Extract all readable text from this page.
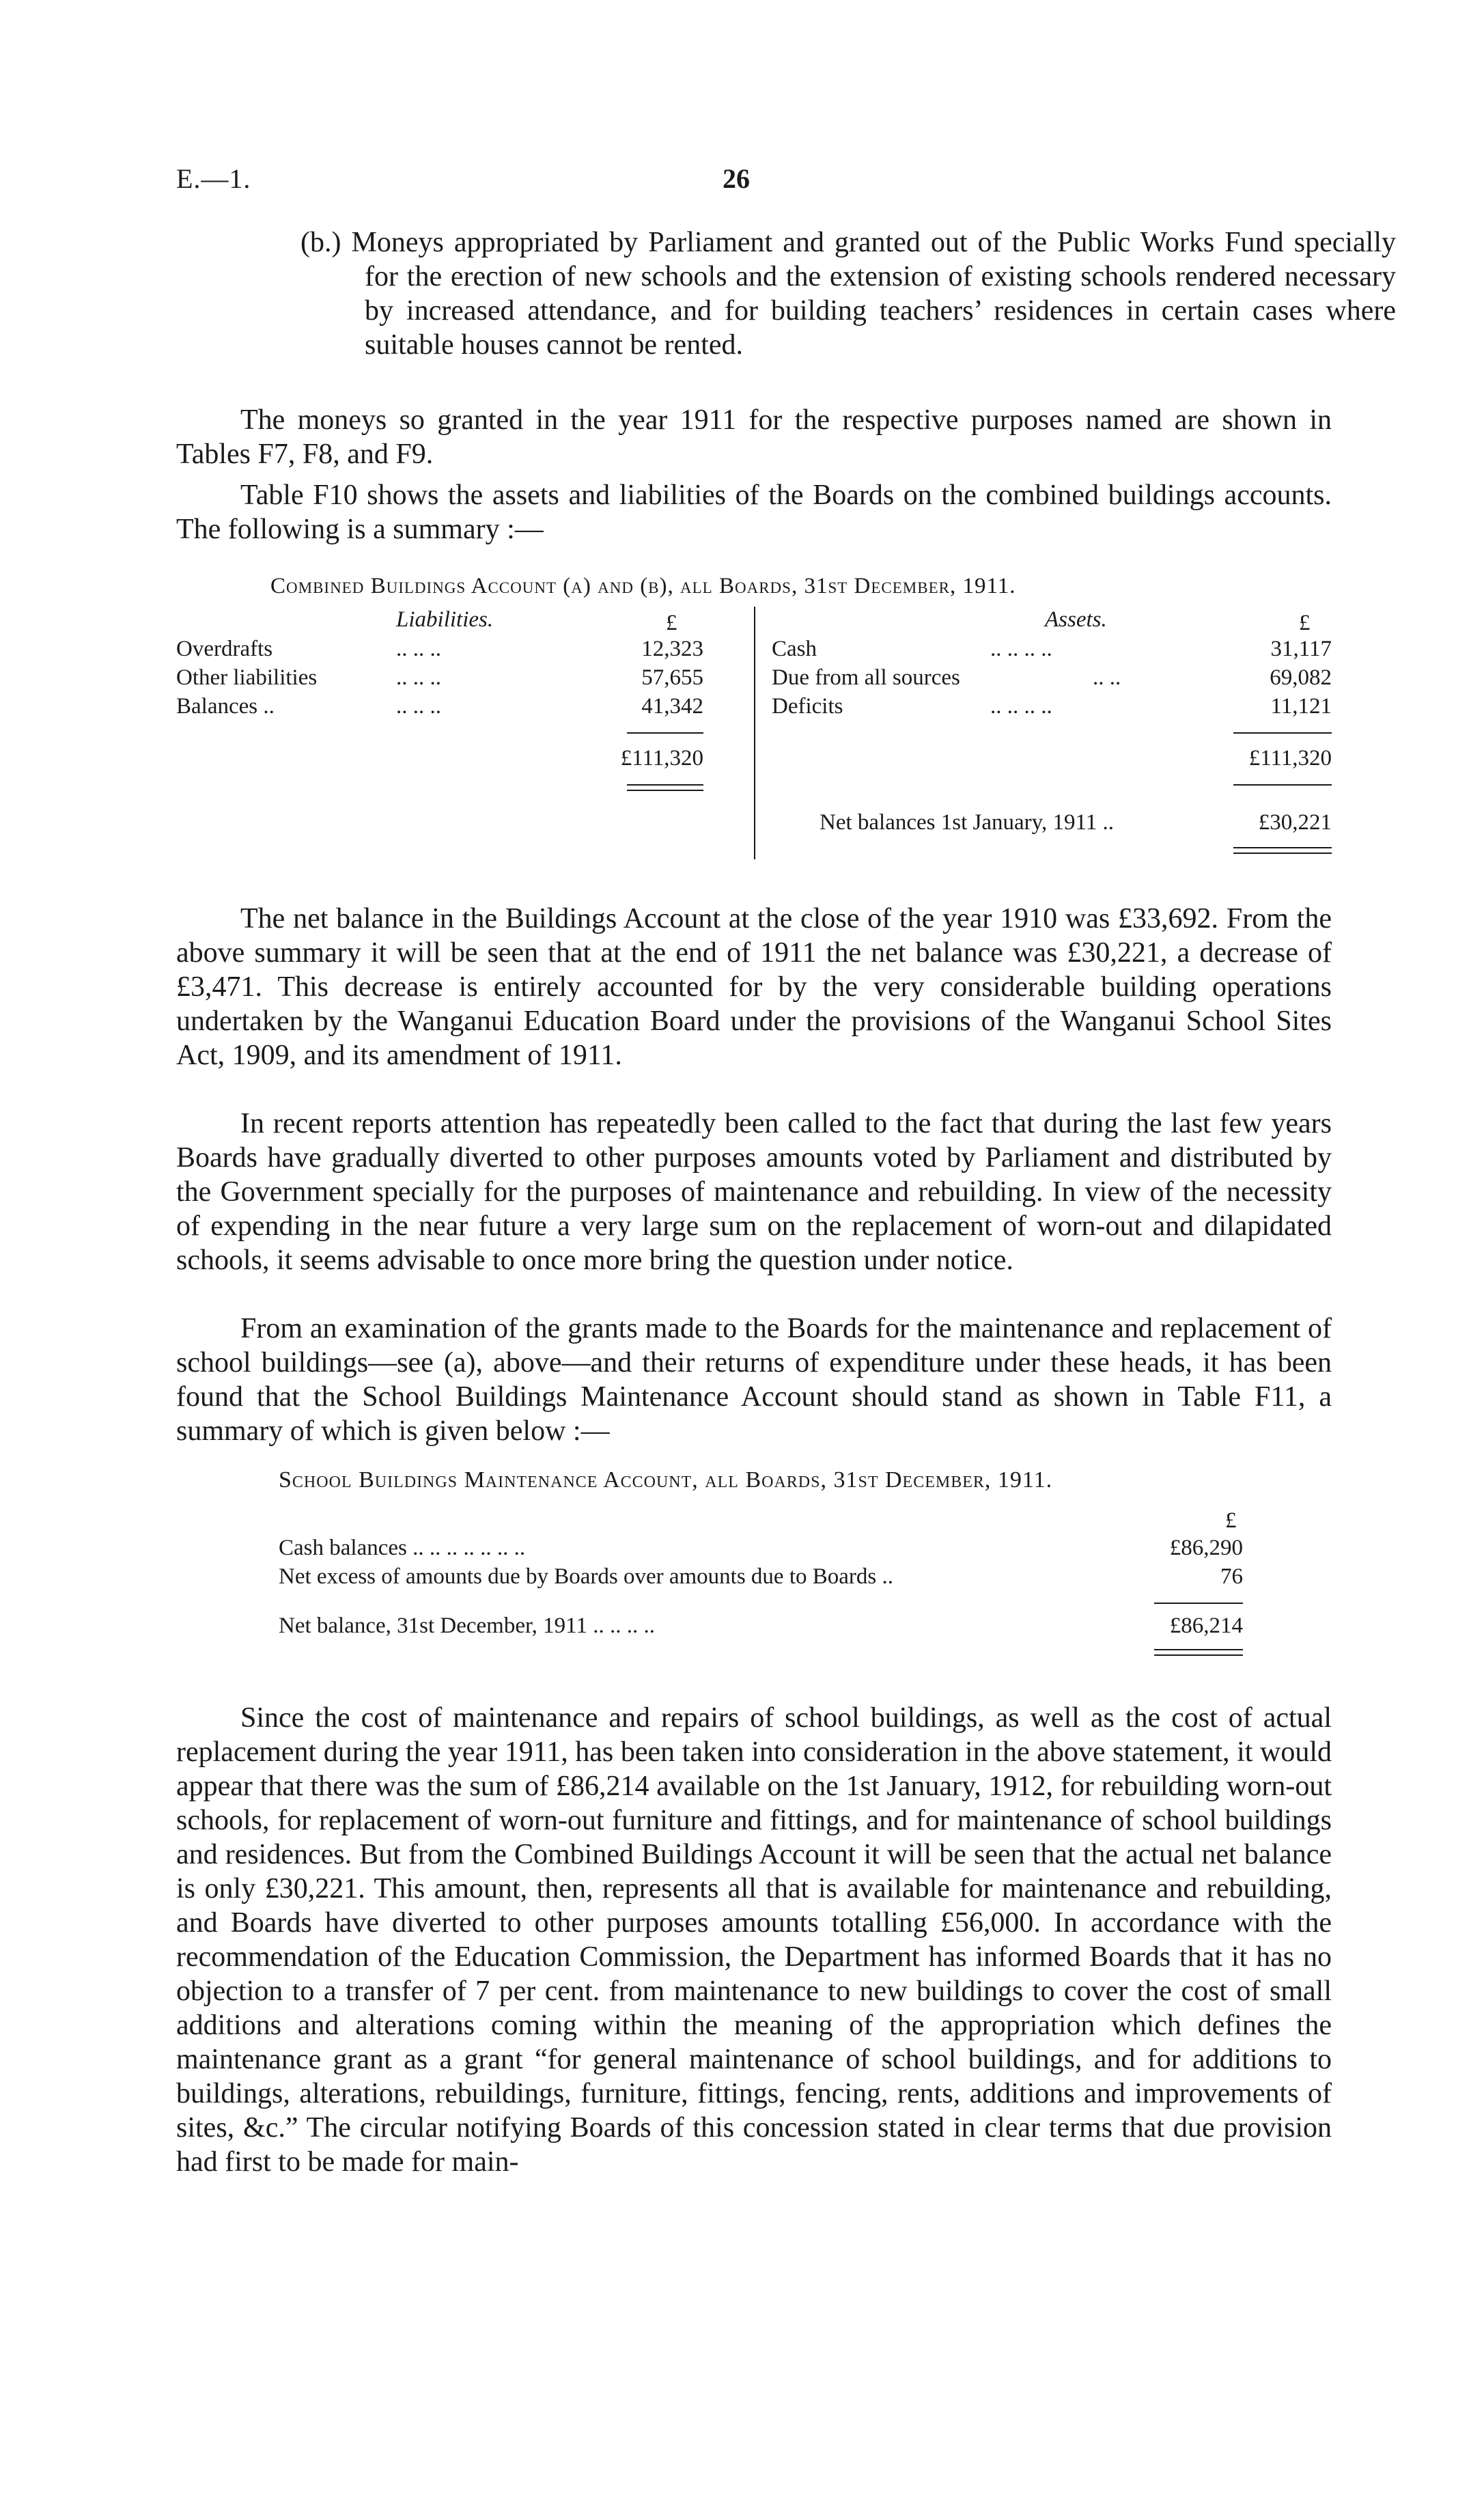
E.—1.	26
(b.) Moneys appropriated by Parliament and granted out of the Public Works Fund specially for the erection of new schools and the extension of existing schools rendered necessary by increased attendance, and for building teachers’ residences in certain cases where suitable houses cannot be rented.
The moneys so granted in the year 1911 for the respective purposes named are shown in Tables F7, F8, and F9.
Table F10 shows the assets and liabilities of the Boards on the combined buildings accounts. The following is a summary :—
Combined Buildings Account (a) and (b), all Boards, 31st December, 1911.
Liabilities.	£	Assets.	£
Overdrafts	.. .. ..	12,323
Other liabilities	.. .. ..	57,655
Balances ..	.. .. ..	41,342
£111,320
Cash	.. .. .. ..	31,117
Due from all sources	.. ..	69,082
Deficits	.. .. .. ..	11,121
£111,320
Net balances 1st January, 1911 ..	£30,221
The net balance in the Buildings Account at the close of the year 1910 was £33,692. From the above summary it will be seen that at the end of 1911 the net balance was £30,221, a decrease of £3,471. This decrease is entirely accounted for by the very considerable building operations undertaken by the Wanganui Education Board under the provisions of the Wanganui School Sites Act, 1909, and its amendment of 1911.
In recent reports attention has repeatedly been called to the fact that during the last few years Boards have gradually diverted to other purposes amounts voted by Parliament and distributed by the Government specially for the purposes of maintenance and rebuilding. In view of the necessity of expending in the near future a very large sum on the replacement of worn-out and dilapidated schools, it seems advisable to once more bring the question under notice.
From an examination of the grants made to the Boards for the maintenance and replacement of school buildings—see (a), above—and their returns of expenditure under these heads, it has been found that the School Buildings Maintenance Account should stand as shown in Table F11, a summary of which is given below :—
School Buildings Maintenance Account, all Boards, 31st December, 1911.
£
Cash balances .. .. .. .. .. .. ..	£86,290
Net excess of amounts due by Boards over amounts due to Boards ..	76
Net balance, 31st December, 1911 .. .. .. ..	£86,214
Since the cost of maintenance and repairs of school buildings, as well as the cost of actual replacement during the year 1911, has been taken into consideration in the above statement, it would appear that there was the sum of £86,214 available on the 1st January, 1912, for rebuilding worn-out schools, for replacement of worn-out furniture and fittings, and for maintenance of school buildings and residences. But from the Combined Buildings Account it will be seen that the actual net balance is only £30,221. This amount, then, represents all that is available for maintenance and rebuilding, and Boards have diverted to other purposes amounts totalling £56,000. In accordance with the recommendation of the Education Commission, the Department has informed Boards that it has no objection to a transfer of 7 per cent. from maintenance to new buildings to cover the cost of small additions and alterations coming within the meaning of the appropriation which defines the maintenance grant as a grant “for general maintenance of school buildings, and for additions to buildings, alterations, rebuildings, furniture, fittings, fencing, rents, additions and improvements of sites, &c.” The circular notifying Boards of this concession stated in clear terms that due provision had first to be made for main-
